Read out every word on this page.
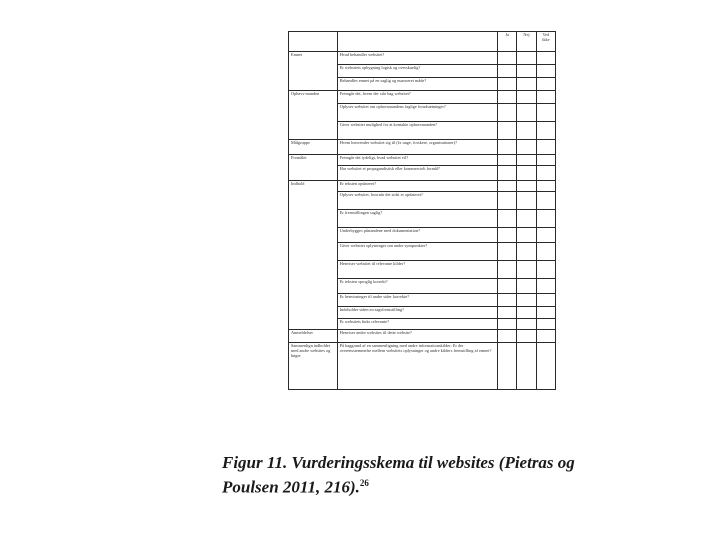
		Ja	Nej	Ved ikke
Emnet	Hvad behandler websitet?			
	Er websitets opbygning logisk og overskuelig?			
	Behandles emnet på en saglig og nuanceret måde?			
Ophavs-manden	Fremgår det, hvem der står bag websitet?			
	Oplyser websitet om ophavsmandens faglige forudsætninger?			
	Giver websitet mulighed for at kontakte ophavsmanden?			
Målgruppe	Hvem henvender websitet sig til (fx unge, forskere, organisationer)?			
Formålet	Fremgår det tydeligt, hvad websitet vil?			
	Har websitet et propagandistisk eller kommercielt formål?			
Indhold	Er teksten opdateret?			
	Oplyser websitet, hvornår det sidst er opdateret?			
	Er fremstillingen saglig?			
	Underbygges påstandene med dokumentation?			
	Giver websitet oplysninger om andre synspunkter?			
	Henviser websitet til relevante kilder?			
	Er teksten sproglig korrekt?			
	Er henvisninger til andre sider korrekte?			
	Indeholder siden en sagsfremstilling?			
	Er websitets links relevante?			
Anmeldelser	Henviser andre websites til dette website?			
Sammenlign indholdet med andre websites og bøger	På baggrund af en sammenligning med andre informationskilder: Er der overensstemmelse mellem websitets oplysninger og andre kilders fremstilling af emnet?			
Figur 11. Vurderingsskema til websites (Pietras og Poulsen 2011, 216).$^{26}$
